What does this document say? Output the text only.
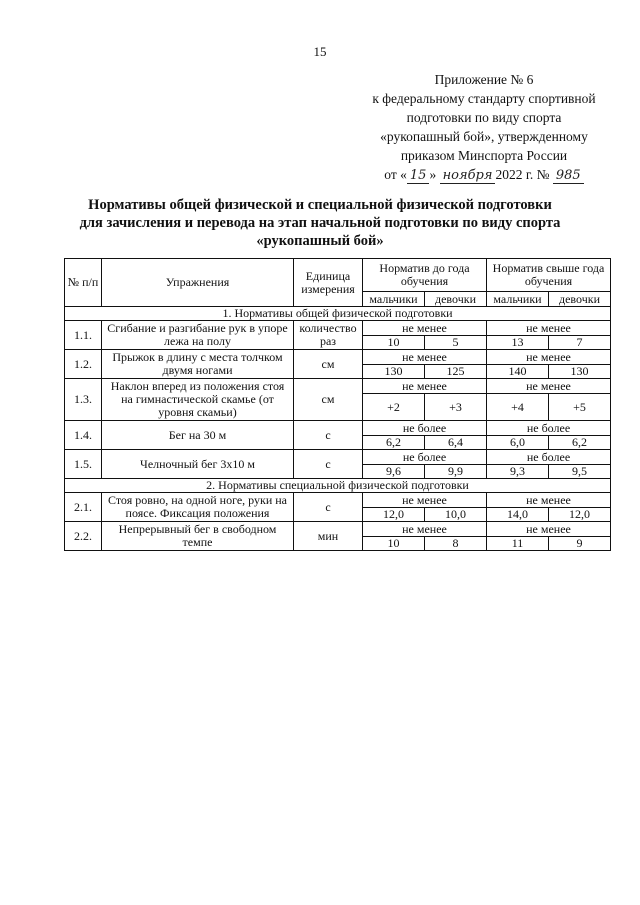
15
Приложение № 6
к федеральному стандарту спортивной
подготовки по виду спорта
«рукопашный бой», утвержденному
приказом Минспорта России
от « 15 » ноября 2022 г. № 985
Нормативы общей физической и специальной физической подготовки
для зачисления и перевода на этап начальной подготовки по виду спорта
«рукопашный бой»
№ п/п	Упражнения	Единица измерения	Норматив до года обучения		Норматив свыше года обучения	
			мальчики	девочки	мальчики	девочки
1. Нормативы общей физической подготовки						
1.1.	Сгибание и разгибание рук в упоре лежа на полу	количество раз	не менее		не менее	
			10	5	13	7
1.2.	Прыжок в длину с места толчком двумя ногами	см	не менее		не менее	
			130	125	140	130
1.3.	Наклон вперед из положения стоя на гимнастической скамье (от уровня скамьи)	см	не менее		не менее	
			+2	+3	+4	+5
1.4.	Бег на 30 м	с	не более		не более	
			6,2	6,4	6,0	6,2
1.5.	Челночный бег 3х10 м	с	не более		не более	
			9,6	9,9	9,3	9,5
2. Нормативы специальной физической подготовки						
2.1.	Стоя ровно, на одной ноге, руки на поясе. Фиксация положения	с	не менее		не менее	
			12,0	10,0	14,0	12,0
2.2.	Непрерывный бег в свободном темпе	мин	не менее		не менее	
			10	8	11	9
